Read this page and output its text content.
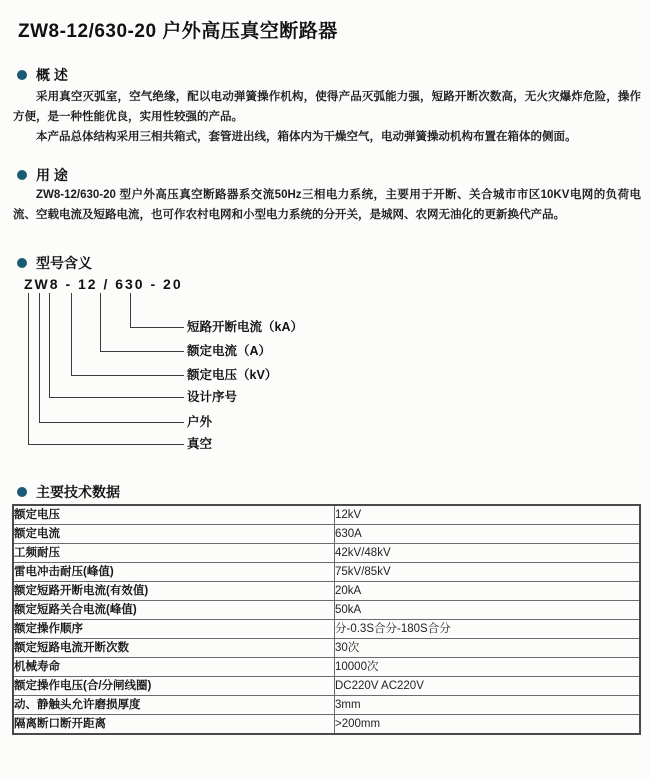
ZW8-12/630-20 户外高压真空断路器
概 述

采用真空灭弧室，空气绝缘，配以电动弹簧操作机构，使得产品灭弧能力强，短路开断次数高，无火灾爆炸危险，操作方便，是一种性能优良，实用性较强的产品。

本产品总体结构采用三相共箱式，套管进出线，箱体内为干燥空气，电动弹簧操动机构布置在箱体的侧面。

用 途

ZW8-12/630-20 型户外高压真空断路器系交流50Hz三相电力系统，主要用于开断、关合城市市区10KV电网的负荷电流、空载电流及短路电流，也可作农村电网和小型电力系统的分开关，是城网、农网无油化的更新换代产品。

型号含义
ZW8 - 12 / 630 - 20
短路开断电流（kA）
额定电流（A）
额定电压（kV）
设计序号
户外
真空
主要技术数据
额定电压	12kV
额定电流	630A
工频耐压	42kV/48kV
雷电冲击耐压(峰值)	75kV/85kV
额定短路开断电流(有效值)	20kA
额定短路关合电流(峰值)	50kA
额定操作顺序	分-0.3S合分-180S合分
额定短路电流开断次数	30次
机械寿命	10000次
额定操作电压(合/分闸线圈)	DC220V AC220V
动、静触头允许磨损厚度	3mm
隔离断口断开距离	>200mm
